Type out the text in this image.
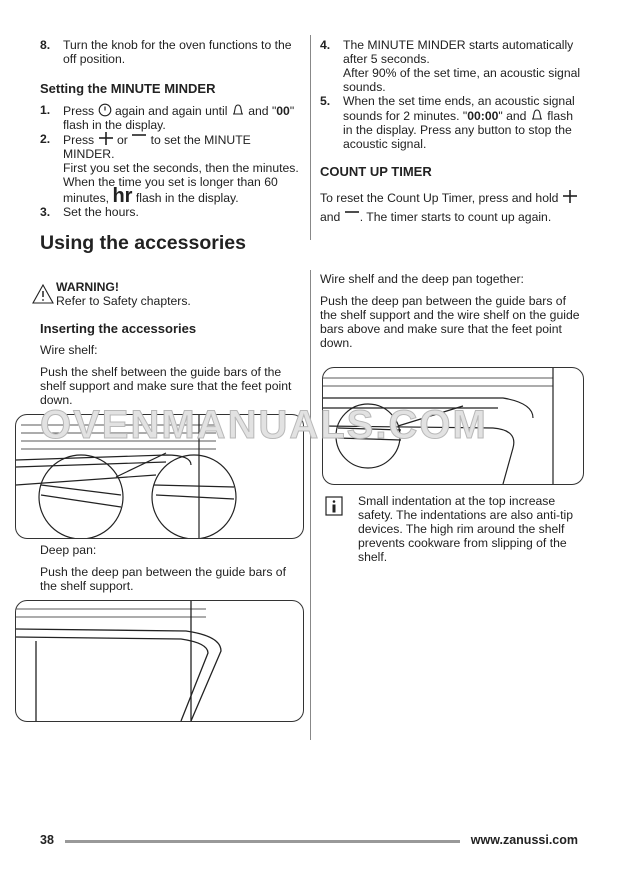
8. Turn the knob for the oven functions to the off position.
Setting the MINUTE MINDER
1. Press again and again until and "00" flash in the display.
2. Press or to set the MINUTE MINDER.
First you set the seconds, then the minutes. When the time you set is longer than 60 minutes, hr flash in the display.
3. Set the hours.
4. The MINUTE MINDER starts automatically after 5 seconds.
After 90% of the set time, an acoustic signal sounds.
5. When the set time ends, an acoustic signal sounds for 2 minutes. "00:00" and flash in the display. Press any button to stop the acoustic signal.
COUNT UP TIMER

To reset the Count Up Timer, press and hold
and . The timer starts to count up again.

Using the accessories
WARNING!
Refer to Safety chapters.
Inserting the accessories

Wire shelf:

Push the shelf between the guide bars of the shelf support and make sure that the feet point down.

Deep pan:

Push the deep pan between the guide bars of the shelf support.

Wire shelf and the deep pan together:

Push the deep pan between the guide bars of the shelf support and the wire shelf on the guide bars above and make sure that the feet point down.

Small indentation at the top increase safety. The indentations are also anti-tip devices. The high rim around the shelf prevents cookware from slipping of the shelf.

OVENMANUALS.COM
38	www.zanussi.com
